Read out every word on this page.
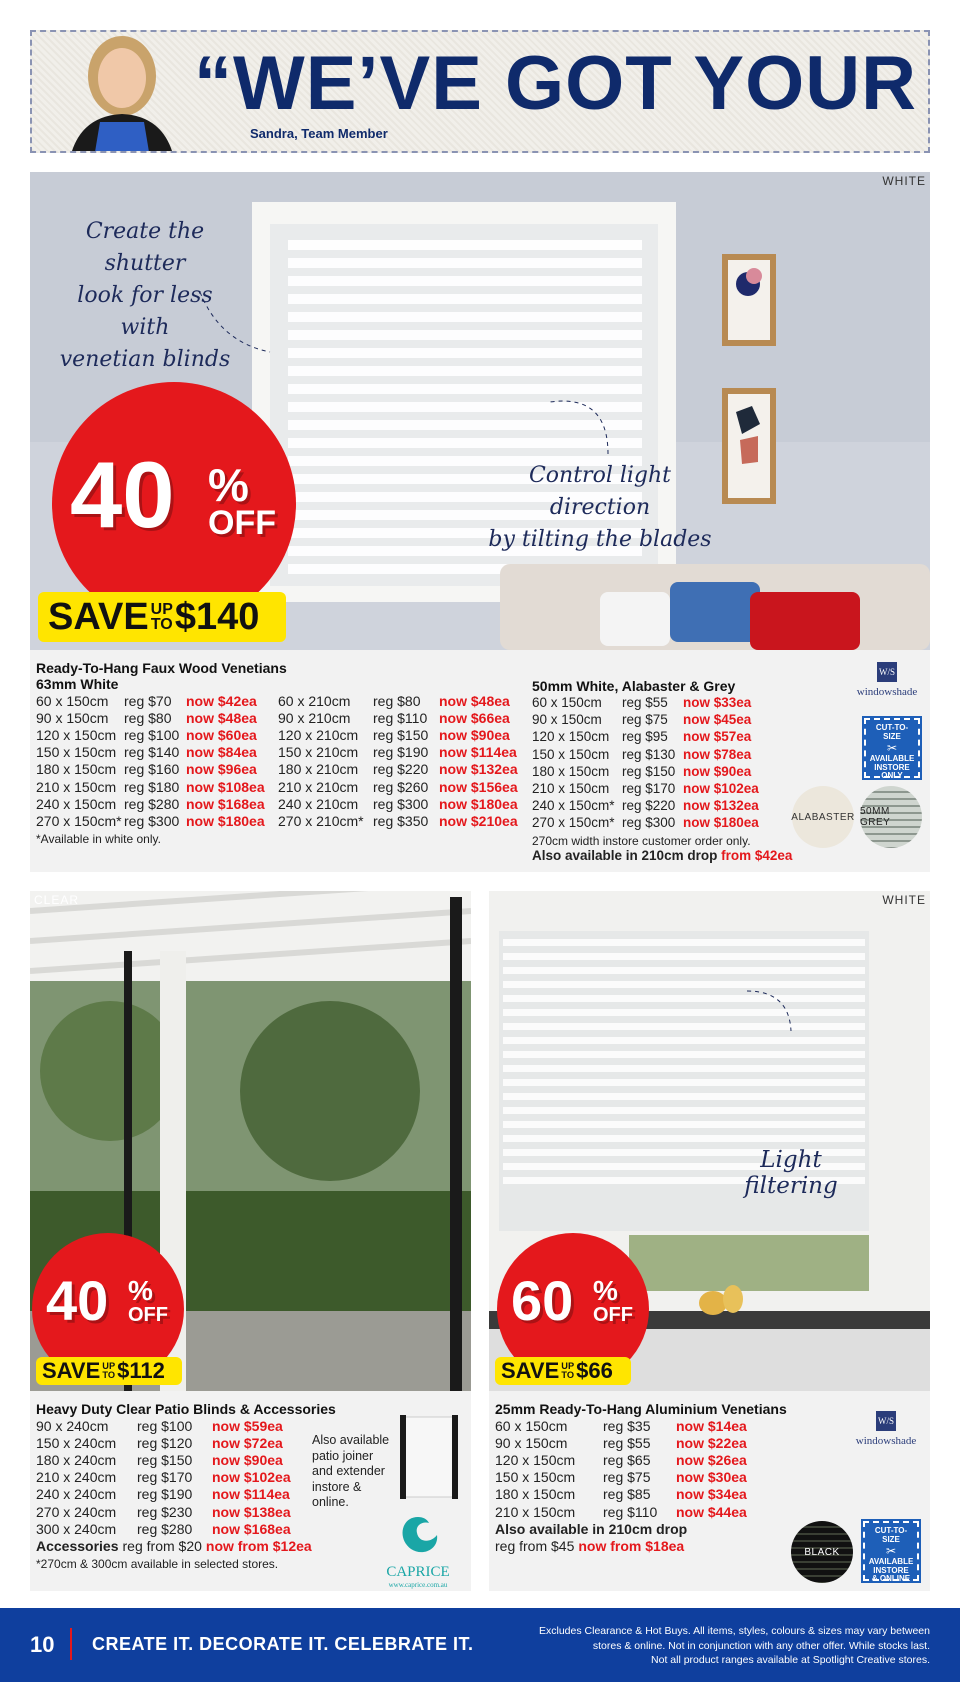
“WE’VE GOT YOUR
Sandra, Team Member
WHITE
Create the shutter
look for less with
venetian blinds
Control light direction
by tilting the blades
40 %
OFF
SAVE UP
TO $140
Ready-To-Hang Faux Wood Venetians
63mm White
60 x 150cm	reg $70	now $42ea
90 x 150cm	reg $80	now $48ea
120 x 150cm reg $100 now $60ea
150 x 150cm reg $140 now $84ea
180 x 150cm reg $160 now $96ea
210 x 150cm reg $180 now $108ea
240 x 150cm reg $280 now $168ea
270 x 150cm* reg $300 now $180ea
60 x 210cm	reg $80	now $48ea
90 x 210cm	reg $110 now $66ea
120 x 210cm	reg $150 now $90ea
150 x 210cm	reg $190 now $114ea
180 x 210cm	reg $220 now $132ea
210 x 210cm	reg $260 now $156ea
240 x 210cm	reg $300 now $180ea
270 x 210cm* reg $350 now $210ea
*Available in white only.
50mm White, Alabaster & Grey
60 x 150cm	reg $55	now $33ea
90 x 150cm	reg $75	now $45ea
120 x 150cm reg $95	now $57ea
150 x 150cm reg $130 now $78ea
180 x 150cm reg $150 now $90ea
210 x 150cm reg $170 now $102ea
240 x 150cm* reg $220 now $132ea
270 x 150cm* reg $300 now $180ea
270cm width instore customer order only.
Also available in 210cm drop from $42ea
W/S
windowshade
CUT-TO-SIZE
✂
AVAILABLE
INSTORE
ONLY
ALABASTER 50MM GREY
CLEAR
40 %
OFF
SAVE UP
TO $112
Heavy Duty Clear Patio Blinds & Accessories
90 x 240cm	reg $100	now $59ea
150 x 240cm	reg $120	now $72ea
180 x 240cm	reg $150	now $90ea
210 x 240cm	reg $170	now $102ea
240 x 240cm	reg $190	now $114ea
270 x 240cm	reg $230	now $138ea
300 x 240cm	reg $280	now $168ea
Accessories reg from $20 now from $12ea
*270cm & 300cm available in selected stores.
Also available
patio joiner
and extender
instore &
online.
CAPRICE
www.caprice.com.au
WHITE
Light filtering
60 %
OFF
SAVE UP
TO $66
25mm Ready-To-Hang Aluminium Venetians
60 x 150cm	reg $35	now $14ea
90 x 150cm	reg $55	now $22ea
120 x 150cm	reg $65	now $26ea
150 x 150cm	reg $75	now $30ea
180 x 150cm	reg $85	now $34ea
210 x 150cm	reg $110	now $44ea
Also available in 210cm drop
reg from $45 now from $18ea
W/S
windowshade
BLACK
CUT-TO-SIZE
✂
AVAILABLE
INSTORE
& ONLINE
10 CREATE IT. DECORATE IT. CELEBRATE IT.
Excludes Clearance & Hot Buys. All items, styles, colours & sizes may vary between
stores & online. Not in conjunction with any other offer. While stocks last.
Not all product ranges available at Spotlight Creative stores.
